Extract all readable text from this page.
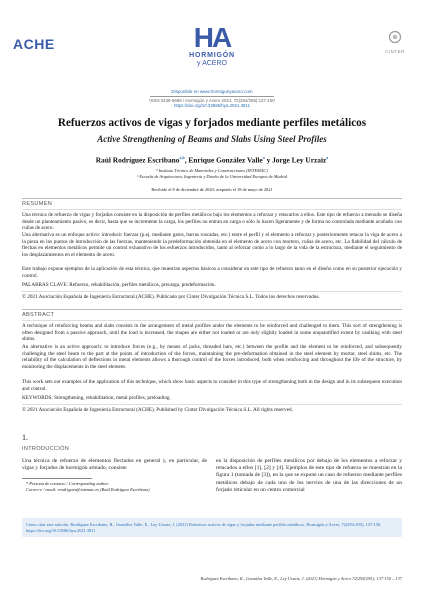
ACHE	HA
HORMIGÓN
y ACERO
CINTER
Disponible en www.hormigonyacero.com
ISSN 0439-5689 / Hormigón y Acero 2021; 72(294/295):137-150
https://doi.org/10.33586/hya.2021.3811
Refuerzos activos de vigas y forjados mediante perfiles metálicos
Active Strengthening of Beams and Slabs Using Steel Profiles
Raúl Rodríguez Escribano$^{a,b}$, Enrique González Valle$^a$ y Jorge Ley Urzaiz$^a$
ª Instituto Técnico de Materiales y Construcciones (INTEMAC)
ᵇ Escuela de Arquitectura, Ingeniería y Diseño de la Universidad Europea de Madrid
Recibido el 8 de diciembre de 2020; aceptado el 18 de mayo de 2021
RESUMEN
Una técnica de refuerzo de vigas y forjados consiste en la disposición de perfiles metálicos bajo los elementos a reforzar y retacarlos a ellos. Este tipo de refuerzo a menudo se diseña desde un planteamiento pasivo, es decir, hasta que se incremente la carga, los perfiles no entran en carga o sólo lo hacen ligeramente y de forma no controlada mediante acuñado con cuñas de acero.
Una alternativa es un enfoque activo: introducir fuerzas (p.ej. mediante gatos, barras roscadas, etc.) entre el perfil y el elemento a reforzar y posteriormente retacar la viga de acero a la pieza en los puntos de introducción de las fuerzas, manteniendo la predeformación obtenida en el elemento de acero con mortero, cuñas de acero, etc. La fiabilidad del cálculo de flechas en elementos metálicos permite un control exhaustivo de los esfuerzos introducidos, tanto al reforzar como a lo largo de la vida de la estructura, mediante el seguimiento de los desplazamientos en el elemento de acero.
Este trabajo expone ejemplos de la aplicación de esta técnica, que muestran aspectos básicos a considerar en este tipo de refuerzo tanto en el diseño como en su posterior ejecución y control.
PALABRAS CLAVE: Refuerzo, rehabilitación, perfiles metálicos, precarga, predeformación.
© 2021 Asociación Española de Ingeniería Estructural (ACHE). Publicado por Cinter Divulgación Técnica S.L. Todos los derechos reservados.
ABSTRACT
A technique of reinforcing beams and slabs consists in the arrangement of metal profiles under the elements to be reinforced and challenged to them. This sort of strengthening is often designed from a passive approach, until the load is increased, the shapes are either not loaded or are only slightly loaded in some unquantified extent by caulking with steel shims.
An alternative is an active approach: to introduce forces (e.g., by means of jacks, threaded bars, etc.) between the profile and the element to be reinforced, and subsequently challenging the steel beam to the part at the points of introduction of the forces, maintaining the pre-deformation obtained in the steel element by mortar, steel shims, etc. The reliability of the calculation of deflections in metal elements allows a thorough control of the forces introduced, both when reinforcing and throughout the life of the structure, by monitoring the displacements in the steel element.
This work sets out examples of the application of this technique, which show basic aspects to consider in this type of strengthening both in the design and in its subsequent execution and control.
KEYWORDS: Strengthening, rehabilitation, metal profiles, preloading.
© 2021 Asociación Española de Ingeniería Estructural (ACHE). Published by Cinter Divulgación Técnica S.L. All rights reserved.
1.
INTRODUCCIÓN
Una técnica de refuerzo de elementos flectados en general y, en particular, de vigas y forjados de hormigón armado, consiste
en la disposición de perfiles metálicos por debajo de los elementos a reforzar y retacados a ellos [1], [2] y [4]. Ejemplos de este tipo de refuerzo se muestran en la figura 1 (tomada de [3]), en la que se expone un caso de refuerzo mediante perfiles metálicos debajo de cada uno de los nervios de una de las direcciones de un forjado reticular en un centro comercial
* Persona de contacto / Corresponding author:
Correo-e / email: rrodriguez@intemac.es (Raúl Rodríguez Escribano)
Cómo citar este artículo: Rodríguez Escribano, R., González Valle, E., Ley Urzaiz, J. (2021) Refuerzos activos de vigas y forjados mediante perfiles metálicos, Hormigón y Acero, 72(294-295), 137-150, https://doi.org/10.33586/hya.2021.3811
Rodríguez Escribano, R., González Valle, E., Ley Urzaiz, J. (2021) Hormigón y Acero 72(294/295); 137-150 – 137
